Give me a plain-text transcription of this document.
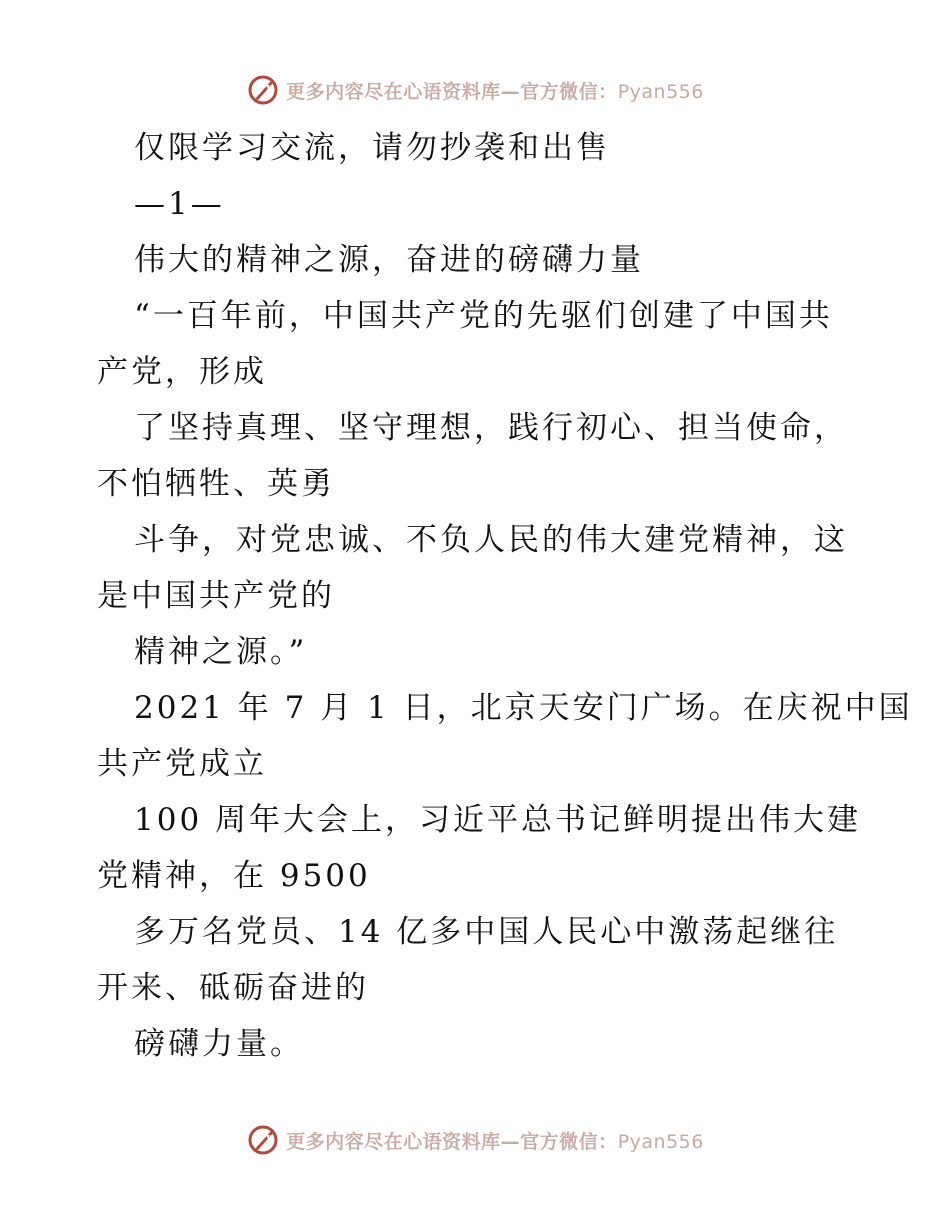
更多内容尽在心语资料库—官方微信：Pyan556
仅限学习交流，请勿抄袭和出售
—1—
伟大的精神之源，奋进的磅礴力量
“一百年前，中国共产党的先驱们创建了中国共
产党，形成
了坚持真理、坚守理想，践行初心、担当使命，
不怕牺牲、英勇
斗争，对党忠诚、不负人民的伟大建党精神，这
是中国共产党的
精神之源。”
2021 年 7 月 1 日，北京天安门广场。在庆祝中国
共产党成立
100 周年大会上，习近平总书记鲜明提出伟大建
党精神，在 9500
多万名党员、14 亿多中国人民心中激荡起继往
开来、砥砺奋进的
磅礴力量。
更多内容尽在心语资料库—官方微信：Pyan556
